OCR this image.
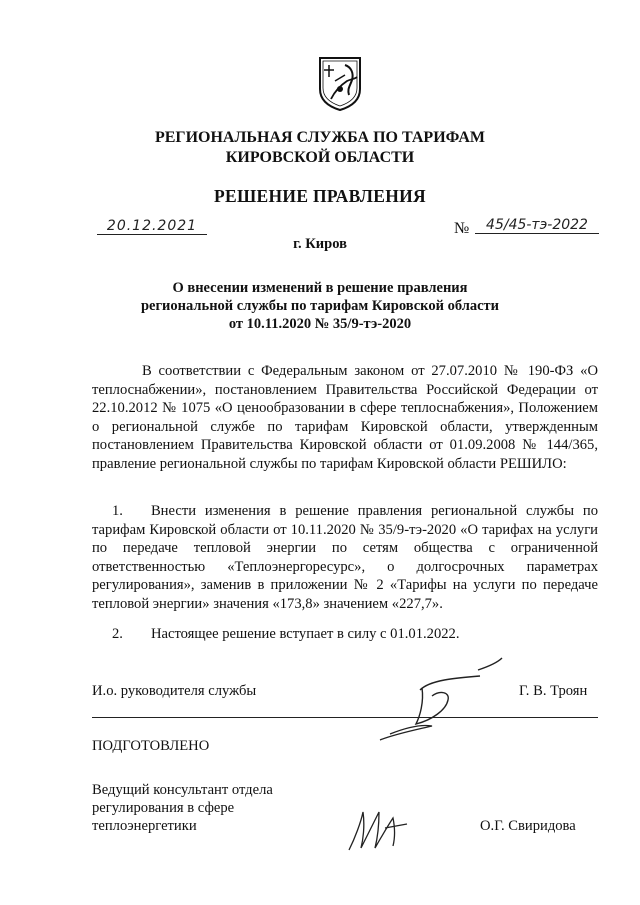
РЕГИОНАЛЬНАЯ СЛУЖБА ПО ТАРИФАМ
КИРОВСКОЙ ОБЛАСТИ
РЕШЕНИЕ ПРАВЛЕНИЯ
20.12.2021	№	45/45-тэ-2022
г. Киров
О внесении изменений в решение правления
региональной службы по тарифам Кировской области
от 10.11.2020 № 35/9-тэ-2020
В соответствии с Федеральным законом от 27.07.2010 № 190-ФЗ «О теплоснабжении», постановлением Правительства Российской Федерации от 22.10.2012 № 1075 «О ценообразовании в сфере теплоснабжения», Положением о региональной службе по тарифам Кировской области, утвержденным постановлением Правительства Кировской области от 01.09.2008 № 144/365, правление региональной службы по тарифам Кировской области РЕШИЛО:
1. Внести изменения в решение правления региональной службы по тарифам Кировской области от 10.11.2020 № 35/9-тэ-2020 «О тарифах на услуги по передаче тепловой энергии по сетям общества с ограниченной ответственностью «Теплоэнергоресурс», о долгосрочных параметрах регулирования», заменив в приложении № 2 «Тарифы на услуги по передаче тепловой энергии» значения «173,8» значением «227,7».
2. Настоящее решение вступает в силу с 01.01.2022.
И.о. руководителя службы	Г. В. Троян
ПОДГОТОВЛЕНО
Ведущий консультант отдела
регулирования в сфере
теплоэнергетики	О.Г. Свиридова
